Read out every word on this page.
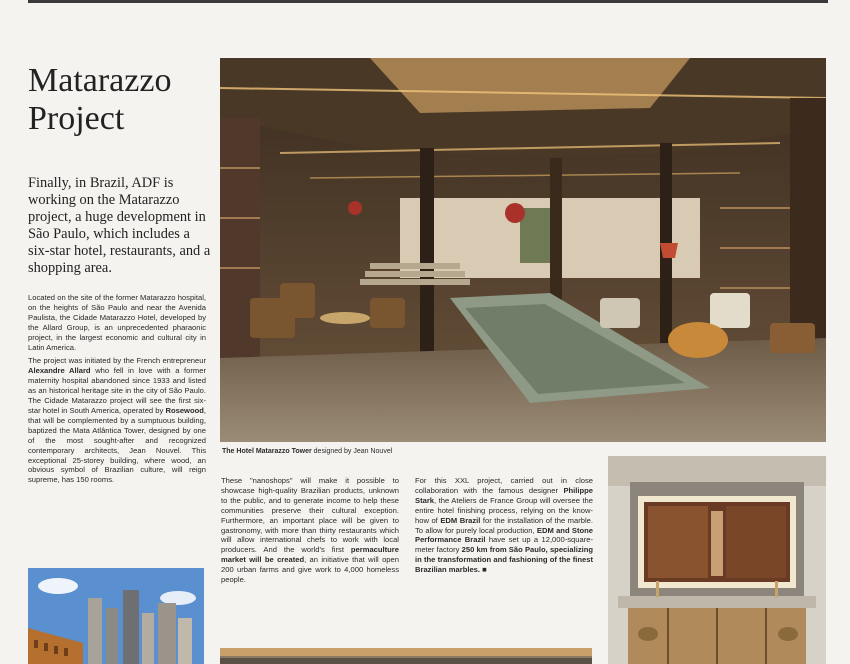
Matarazzo
Project

Finally, in Brazil, ADF is working on the Matarazzo project, a huge development in São Paulo, which includes a six-star hotel, restaurants, and a shopping area.

Located on the site of the former Matarazzo hospital, on the heights of São Paulo and near the Avenida Paulista, the Cidade Matarazzo Hotel, developed by the Allard Group, is an unprecedented pharaonic project, in the largest economic and cultural city in Latin America.

The project was initiated by the French entrepreneur Alexandre Allard who fell in love with a former maternity hospital abandoned since 1933 and listed as an historical heritage site in the city of São Paulo. The Cidade Matarazzo project will see the first six-star hotel in South America, operated by Rosewood, that will be complemented by a sumptuous building, baptized the Mata Atlântica Tower, designed by one of the most sought-after and recognized contemporary architects, Jean Nouvel. This exceptional 25-storey building, where wood, an obvious symbol of Brazilian culture, will reign supreme, has 150 rooms.

The Hotel Matarazzo Tower designed by Jean Nouvel

These "nanoshops" will make it possible to showcase high-quality Brazilian products, unknown to the public, and to generate income to help these communities preserve their cultural exception. Furthermore, an important place will be given to gastronomy, with more than thirty restaurants which will allow international chefs to work with local producers. And the world's first permaculture market will be created, an initiative that will open 200 urban farms and give work to 4,000 homeless people.

For this XXL project, carried out in close collaboration with the famous designer Philippe Stark, the Ateliers de France Group will oversee the entire hotel finishing process, relying on the know-how of EDM Brazil for the installation of the marble. To allow for purely local production, EDM and Stone Performance Brazil have set up a 12,000-square-meter factory 250 km from São Paulo, specializing in the transformation and fashioning of the finest Brazilian marbles. ■
